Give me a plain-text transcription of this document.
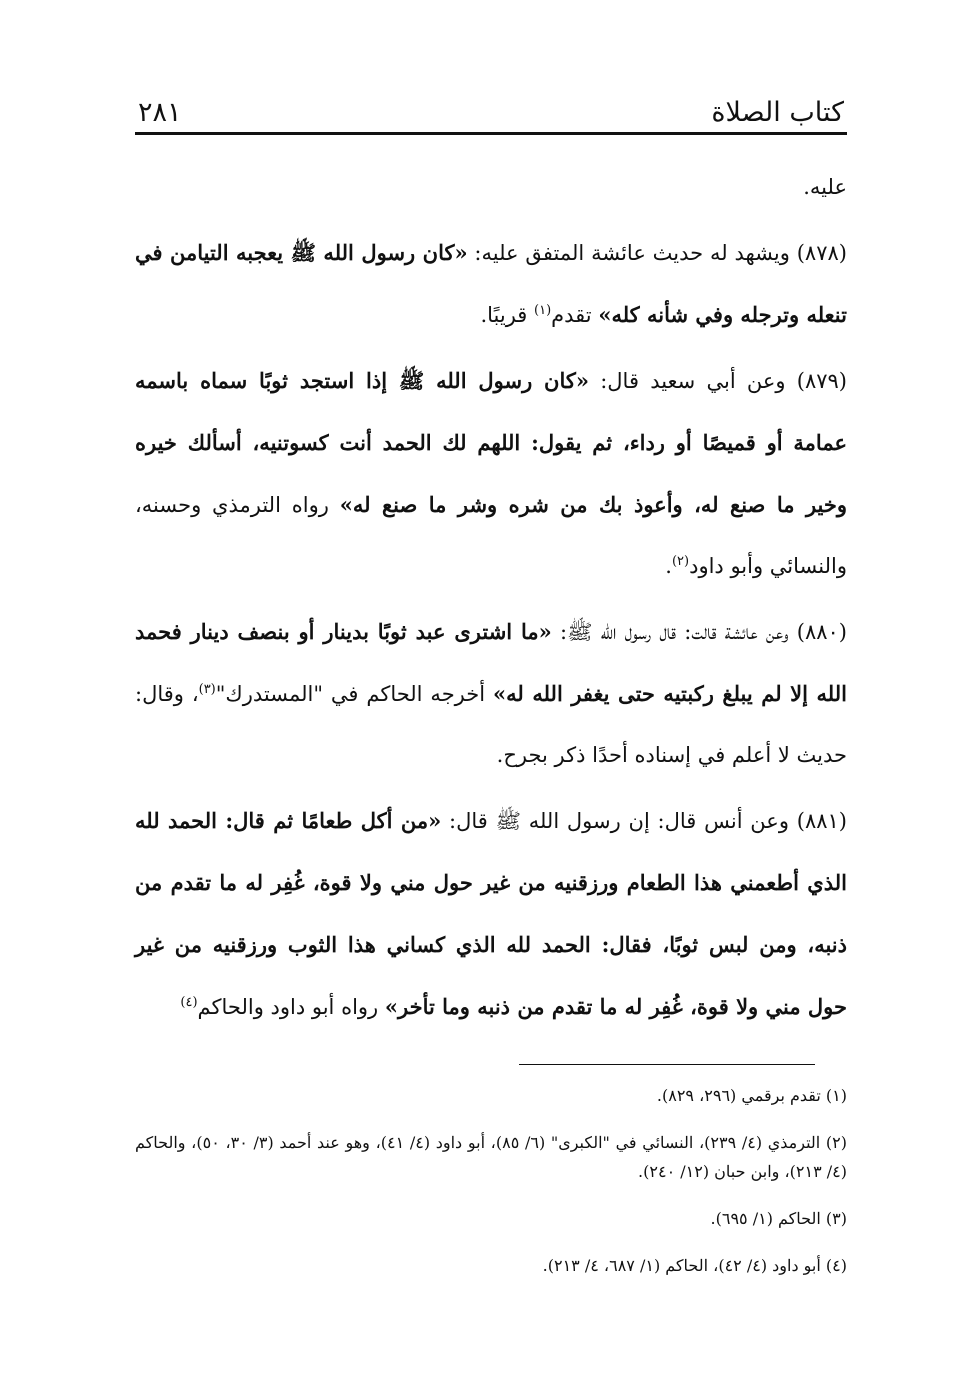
كتاب الصلاة
٢٨١

عليه.

(٨٧٨) ويشهد له حديث عائشة المتفق عليه: «كان رسول الله ﷺ يعجبه التيامن في تنعله وترجله وفي شأنه كله» تقدم$^{(١)}$ قريبًا.

(٨٧٩) وعن أبي سعيد قال: «كان رسول الله ﷺ إذا استجد ثوبًا سماه باسمه عمامة أو قميصًا أو رداء، ثم يقول: اللهم لك الحمد أنت كسوتنيه، أسألك خيره وخير ما صنع له، وأعوذ بك من شره وشر ما صنع له» رواه الترمذي وحسنه، والنسائي وأبو داود$^{(٢)}$.

(٨٨٠) وعن عائشة قالت: قال رسول الله ﷺ: «ما اشترى عبد ثوبًا بدينار أو بنصف دينار فحمد الله إلا لم يبلغ ركبتيه حتى يغفر الله له» أخرجه الحاكم في "المستدرك"$^{(٣)}$، وقال: حديث لا أعلم في إسناده أحدًا ذكر بجرح.

(٨٨١) وعن أنس قال: إن رسول الله ﷺ قال: «من أكل طعامًا ثم قال: الحمد لله الذي أطعمني هذا الطعام ورزقنيه من غير حول مني ولا قوة، غُفِر له ما تقدم من ذنبه، ومن لبس ثوبًا، فقال: الحمد لله الذي كساني هذا الثوب ورزقنيه من غير حول مني ولا قوة، غُفِر له ما تقدم من ذنبه وما تأخر» رواه أبو داود والحاكم$^{(٤)}$

(١) تقدم برقمي (٢٩٦، ٨٢٩).

(٢) الترمذي (٤/ ٢٣٩)، النسائي في "الكبرى" (٦/ ٨٥)، أبو داود (٤/ ٤١)، وهو عند أحمد (٣/ ٣٠، ٥٠)، والحاكم (٤/ ٢١٣)، وابن حبان (١٢/ ٢٤٠).

(٣) الحاكم (١/ ٦٩٥).

(٤) أبو داود (٤/ ٤٢)، الحاكم (١/ ٦٨٧، ٤/ ٢١٣).
